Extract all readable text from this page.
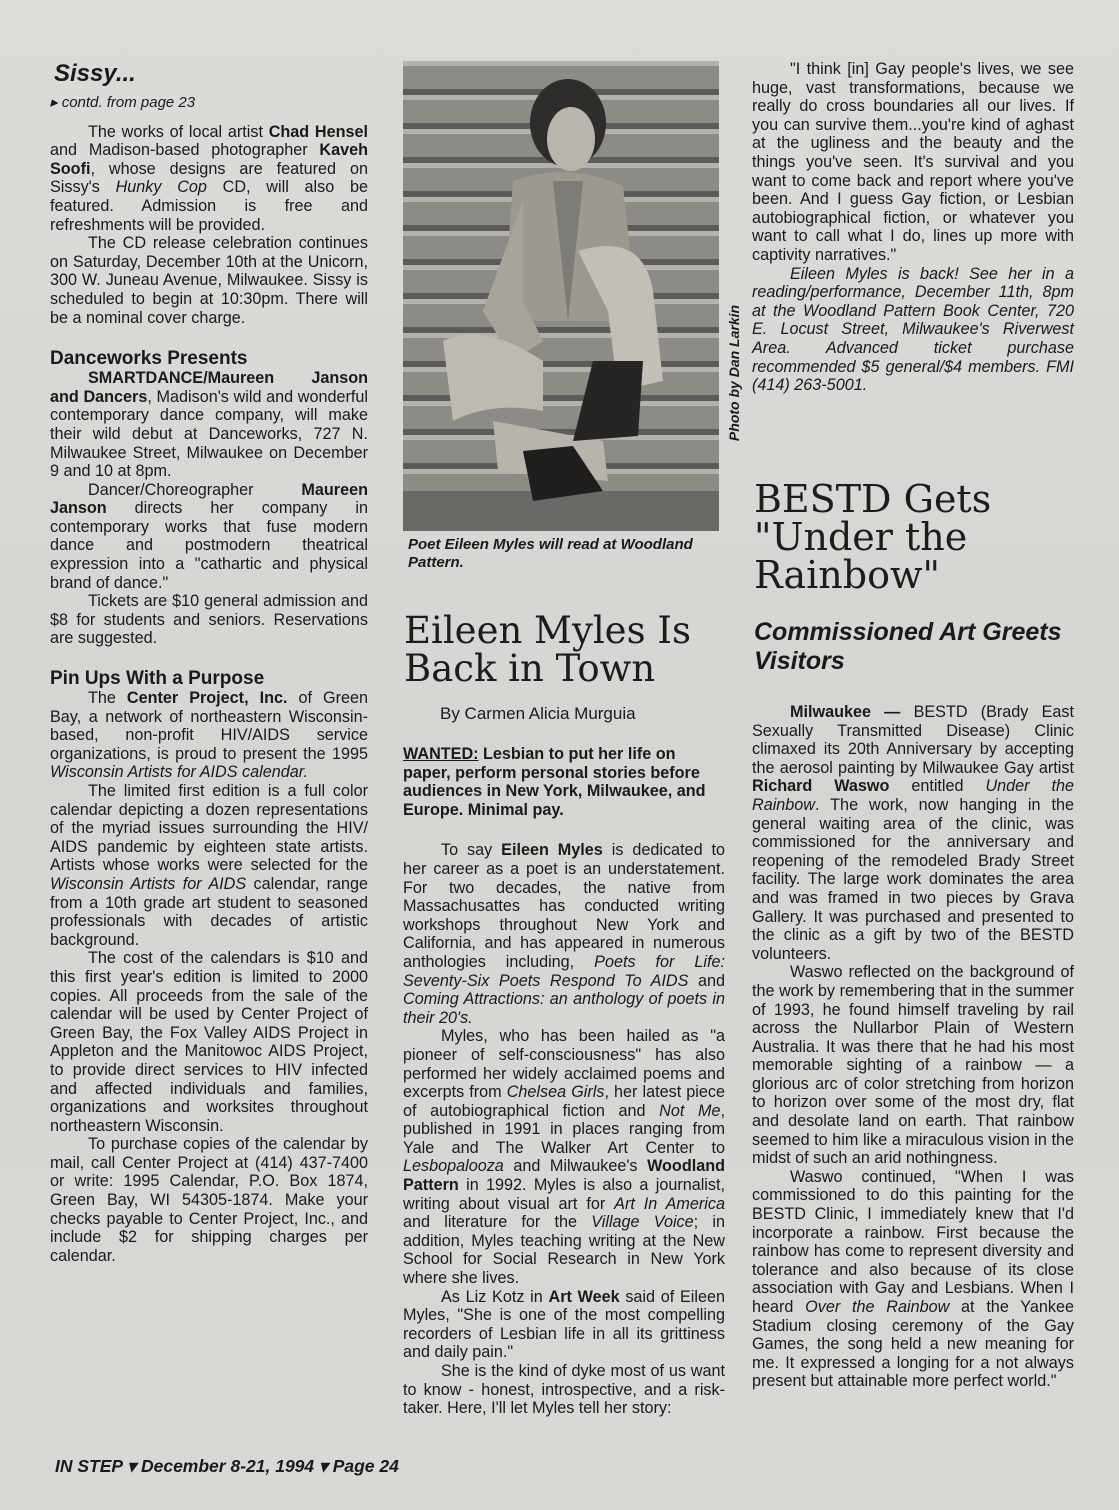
Sissy...
▸ contd. from page 23

The works of local artist Chad Hensel and Madison-based photographer Kaveh Soofi, whose designs are featured on Sissy's Hunky Cop CD, will also be featured. Admission is free and refreshments will be provided.

The CD release celebration continues on Saturday, December 10th at the Unicorn, 300 W. Juneau Avenue, Milwaukee. Sissy is scheduled to begin at 10:30pm. There will be a nominal cover charge.

Danceworks Presents

SMARTDANCE/Maureen Janson and Dancers, Madison's wild and wonderful contemporary dance company, will make their wild debut at Danceworks, 727 N. Milwaukee Street, Milwaukee on December 9 and 10 at 8pm.

Dancer/Choreographer Maureen Janson directs her company in contemporary works that fuse modern dance and postmodern theatrical expression into a "cathartic and physical brand of dance."

Tickets are $10 general admission and $8 for students and seniors. Reservations are suggested.

Pin Ups With a Purpose

The Center Project, Inc. of Green Bay, a network of northeastern Wisconsin-based, non-profit HIV/AIDS service organizations, is proud to present the 1995 Wisconsin Artists for AIDS calendar.

The limited first edition is a full color calendar depicting a dozen representations of the myriad issues surrounding the HIV/ AIDS pandemic by eighteen state artists. Artists whose works were selected for the Wisconsin Artists for AIDS calendar, range from a 10th grade art student to seasoned professionals with decades of artistic background.

The cost of the calendars is $10 and this first year's edition is limited to 2000 copies. All proceeds from the sale of the calendar will be used by Center Project of Green Bay, the Fox Valley AIDS Project in Appleton and the Manitowoc AIDS Project, to provide direct services to HIV infected and affected individuals and families, organizations and worksites throughout northeastern Wisconsin.

To purchase copies of the calendar by mail, call Center Project at (414) 437-7400 or write: 1995 Calendar, P.O. Box 1874, Green Bay, WI 54305-1874. Make your checks payable to Center Project, Inc., and include $2 for shipping charges per calendar.

Photo by Dan Larkin
Poet Eileen Myles will read at Woodland Pattern.
Eileen Myles Is Back in Town
By Carmen Alicia Murguia

WANTED: Lesbian to put her life on paper, perform personal stories before audiences in New York, Milwaukee, and Europe. Minimal pay.

To say Eileen Myles is dedicated to her career as a poet is an understatement. For two decades, the native from Massachusattes has conducted writing workshops throughout New York and California, and has appeared in numerous anthologies including, Poets for Life: Seventy-Six Poets Respond To AIDS and Coming Attractions: an anthology of poets in their 20's.

Myles, who has been hailed as "a pioneer of self-consciousness" has also performed her widely acclaimed poems and excerpts from Chelsea Girls, her latest piece of autobiographical fiction and Not Me, published in 1991 in places ranging from Yale and The Walker Art Center to Lesbopalooza and Milwaukee's Woodland Pattern in 1992. Myles is also a journalist, writing about visual art for Art In America and literature for the Village Voice; in addition, Myles teaching writing at the New School for Social Research in New York where she lives.

As Liz Kotz in Art Week said of Eileen Myles, "She is one of the most compelling recorders of Lesbian life in all its grittiness and daily pain."

She is the kind of dyke most of us want to know - honest, introspective, and a risk-taker. Here, I'll let Myles tell her story:

"I think [in] Gay people's lives, we see huge, vast transformations, because we really do cross boundaries all our lives. If you can survive them...you're kind of aghast at the ugliness and the beauty and the things you've seen. It's survival and you want to come back and report where you've been. And I guess Gay fiction, or Lesbian autobiographical fiction, or whatever you want to call what I do, lines up more with captivity narratives."

Eileen Myles is back! See her in a reading/performance, December 11th, 8pm at the Woodland Pattern Book Center, 720 E. Locust Street, Milwaukee's Riverwest Area. Advanced ticket purchase recommended $5 general/$4 members. FMI (414) 263-5001.

BESTD Gets "Under the Rainbow"
Commissioned Art Greets Visitors

Milwaukee — BESTD (Brady East Sexually Transmitted Disease) Clinic climaxed its 20th Anniversary by accepting the aerosol painting by Milwaukee Gay artist Richard Waswo entitled Under the Rainbow. The work, now hanging in the general waiting area of the clinic, was commissioned for the anniversary and reopening of the remodeled Brady Street facility. The large work dominates the area and was framed in two pieces by Grava Gallery. It was purchased and presented to the clinic as a gift by two of the BESTD volunteers.

Waswo reflected on the background of the work by remembering that in the summer of 1993, he found himself traveling by rail across the Nullarbor Plain of Western Australia. It was there that he had his most memorable sighting of a rainbow — a glorious arc of color stretching from horizon to horizon over some of the most dry, flat and desolate land on earth. That rainbow seemed to him like a miraculous vision in the midst of such an arid nothingness.

Waswo continued, "When I was commissioned to do this painting for the BESTD Clinic, I immediately knew that I'd incorporate a rainbow. First because the rainbow has come to represent diversity and tolerance and also because of its close association with Gay and Lesbians. When I heard Over the Rainbow at the Yankee Stadium closing ceremony of the Gay Games, the song held a new meaning for me. It expressed a longing for a not always present but attainable more perfect world."

IN STEP ▾ December 8-21, 1994 ▾ Page 24
